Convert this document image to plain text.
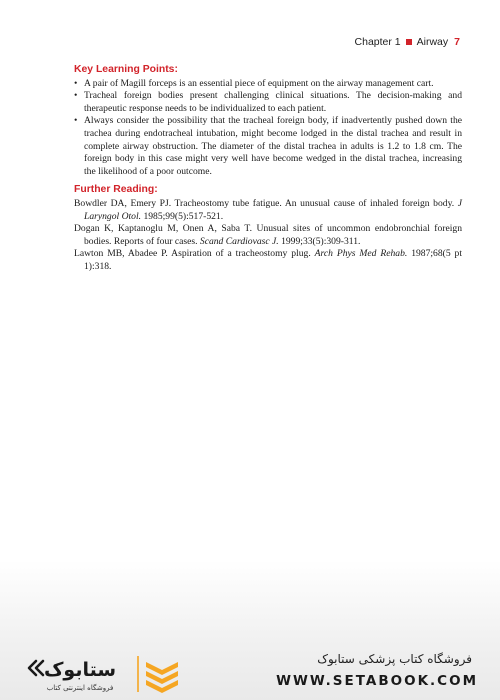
Chapter 1 Airway 7
Key Learning Points:
• A pair of Magill forceps is an essential piece of equipment on the airway management cart.
• Tracheal foreign bodies present challenging clinical situations. The decision-making and therapeutic response needs to be individualized to each patient.
• Always consider the possibility that the tracheal foreign body, if inadvertently pushed down the trachea during endotracheal intubation, might become lodged in the distal trachea and result in complete airway obstruction. The diameter of the distal trachea in adults is 1.2 to 1.8 cm. The foreign body in this case might very well have become wedged in the distal trachea, increasing the likelihood of a poor outcome.
Further Reading:
Bowdler DA, Emery PJ. Tracheostomy tube fatigue. An unusual cause of inhaled foreign body. J Laryngol Otol. 1985;99(5):517-521.
Dogan K, Kaptanoglu M, Onen A, Saba T. Unusual sites of uncommon endobronchial foreign bodies. Reports of four cases. Scand Cardiovasc J. 1999;33(5):309-311.
Lawton MB, Abadee P. Aspiration of a tracheostomy plug. Arch Phys Med Rehab. 1987;68(5 pt 1):318.
ستابوک
فروشگاه اینترنتی کتاب
فروشگاه کتاب پزشکی ستابوک
WWW.SETABOOK.COM
